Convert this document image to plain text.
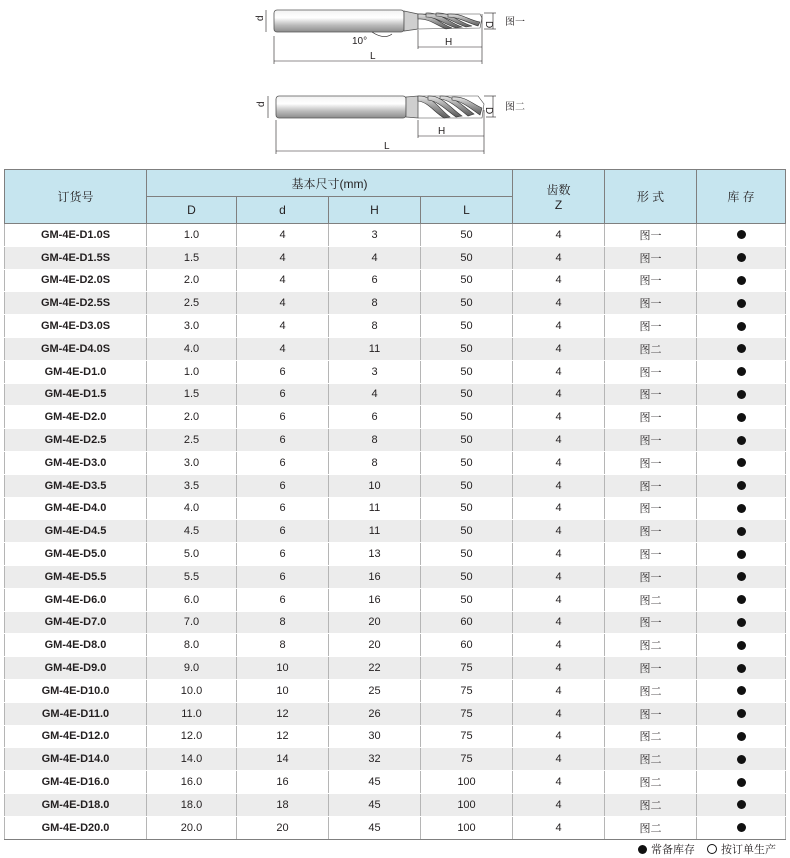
d
D
H
L
10°
图一
d
D
H
L
图二
订货号	基本尺寸(mm)				齿数
Z	形 式	库 存
	D	d	H	L			
GM-4E-D1.0S	1.0	4	3	50	4	图一	
GM-4E-D1.5S	1.5	4	4	50	4	图一	
GM-4E-D2.0S	2.0	4	6	50	4	图一	
GM-4E-D2.5S	2.5	4	8	50	4	图一	
GM-4E-D3.0S	3.0	4	8	50	4	图一	
GM-4E-D4.0S	4.0	4	11	50	4	图二	
GM-4E-D1.0	1.0	6	3	50	4	图一	
GM-4E-D1.5	1.5	6	4	50	4	图一	
GM-4E-D2.0	2.0	6	6	50	4	图一	
GM-4E-D2.5	2.5	6	8	50	4	图一	
GM-4E-D3.0	3.0	6	8	50	4	图一	
GM-4E-D3.5	3.5	6	10	50	4	图一	
GM-4E-D4.0	4.0	6	11	50	4	图一	
GM-4E-D4.5	4.5	6	11	50	4	图一	
GM-4E-D5.0	5.0	6	13	50	4	图一	
GM-4E-D5.5	5.5	6	16	50	4	图一	
GM-4E-D6.0	6.0	6	16	50	4	图二	
GM-4E-D7.0	7.0	8	20	60	4	图一	
GM-4E-D8.0	8.0	8	20	60	4	图二	
GM-4E-D9.0	9.0	10	22	75	4	图一	
GM-4E-D10.0	10.0	10	25	75	4	图二	
GM-4E-D11.0	11.0	12	26	75	4	图一	
GM-4E-D12.0	12.0	12	30	75	4	图二	
GM-4E-D14.0	14.0	14	32	75	4	图二	
GM-4E-D16.0	16.0	16	45	100	4	图二	
GM-4E-D18.0	18.0	18	45	100	4	图二	
GM-4E-D20.0	20.0	20	45	100	4	图二	
常备库存 按订单生产
